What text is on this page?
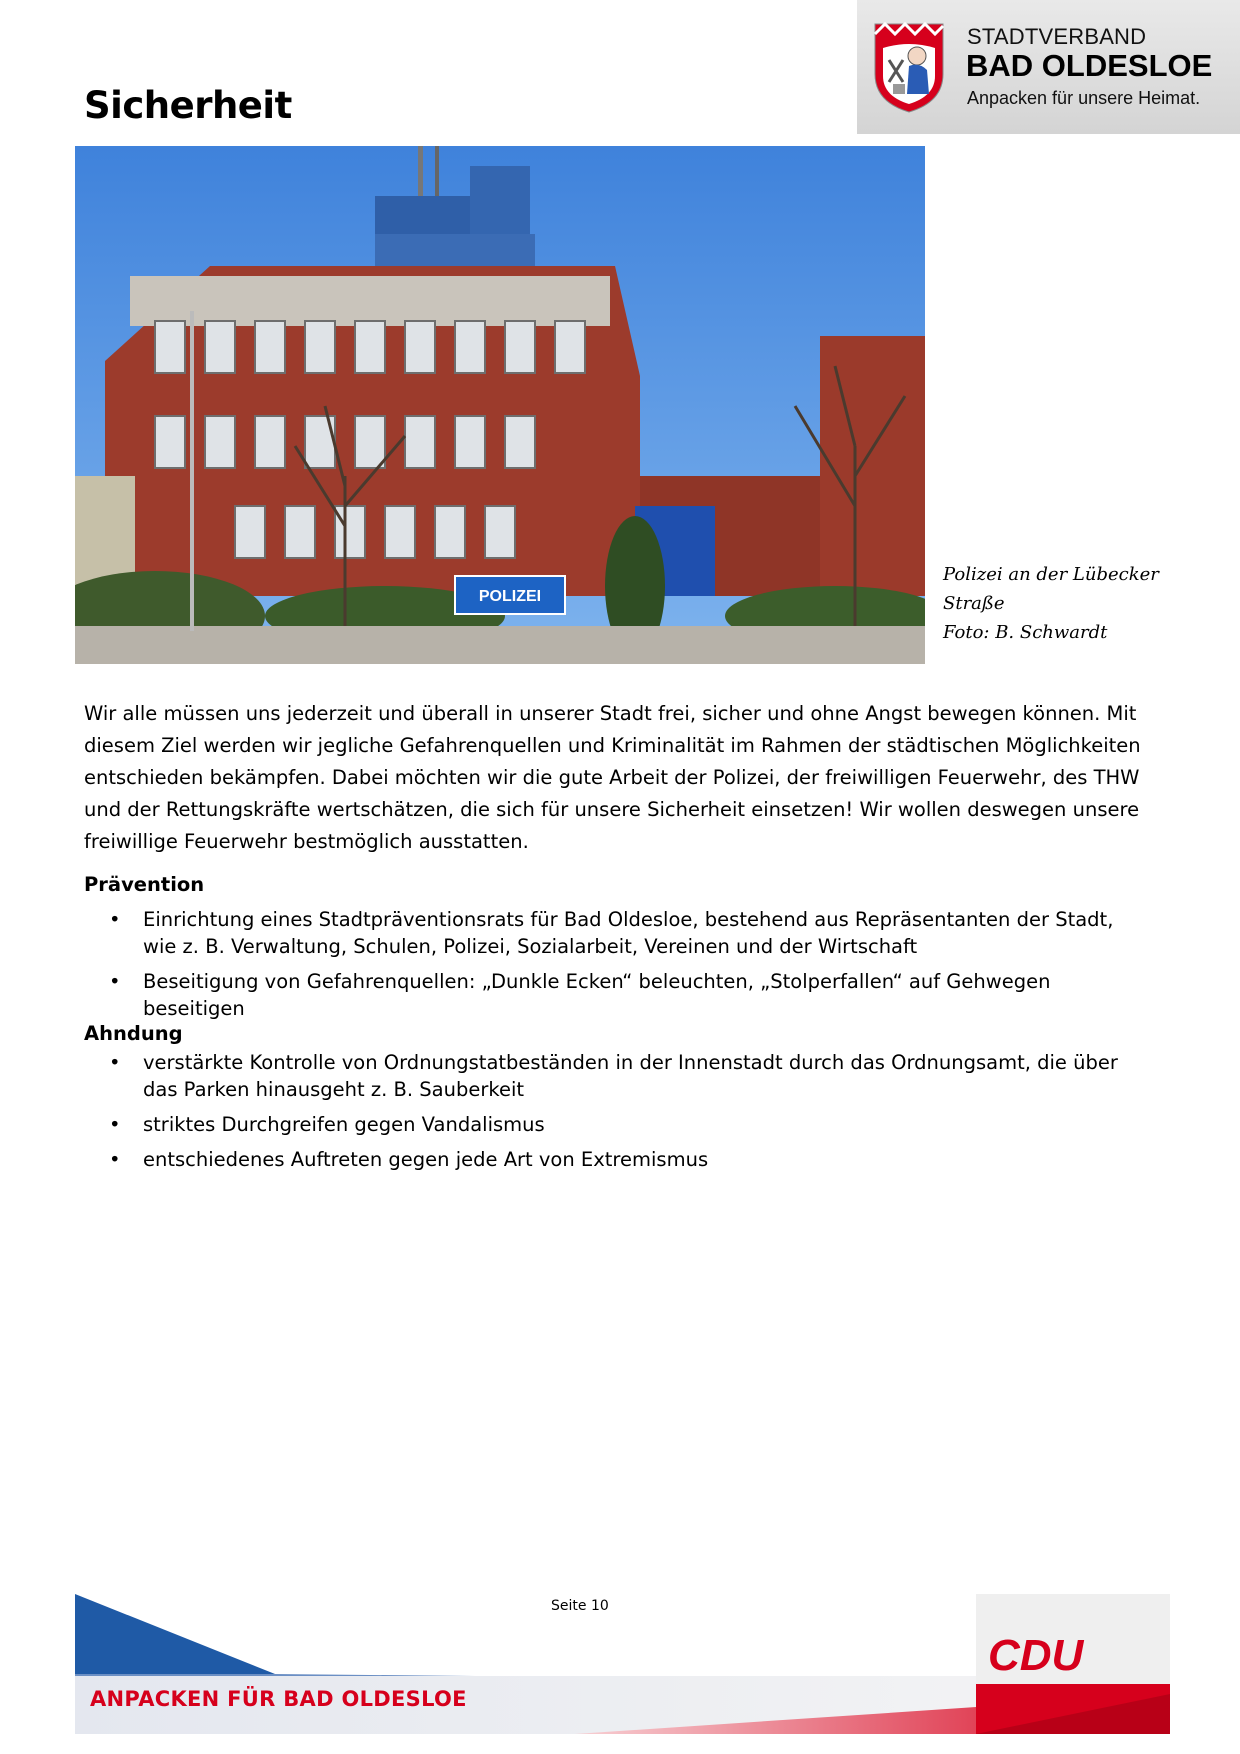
STADTVERBAND
BAD OLDESLOE
Anpacken für unsere Heimat.
Sicherheit
POLIZEI
Polizei an der Lübecker
Straße
Foto: B. Schwardt
Wir alle müssen uns jederzeit und überall in unserer Stadt frei, sicher und ohne Angst bewegen können. Mit diesem Ziel werden wir jegliche Gefahrenquellen und Kriminalität im Rahmen der städtischen Möglichkeiten entschieden bekämpfen. Dabei möchten wir die gute Arbeit der Polizei, der freiwilligen Feuerwehr, des THW und der Rettungskräfte wertschätzen, die sich für unsere Sicherheit einsetzen! Wir wollen deswegen unsere freiwillige Feuerwehr bestmöglich ausstatten.
Prävention
• Einrichtung eines Stadtpräventionsrats für Bad Oldesloe, bestehend aus Repräsentanten der Stadt, wie z. B. Verwaltung, Schulen, Polizei, Sozialarbeit, Vereinen und der Wirtschaft
• Beseitigung von Gefahrenquellen: „Dunkle Ecken“ beleuchten, „Stolperfallen“ auf Gehwegen beseitigen
Ahndung
• verstärkte Kontrolle von Ordnungstatbeständen in der Innenstadt durch das Ordnungsamt, die über das Parken hinausgeht z. B. Sauberkeit
• striktes Durchgreifen gegen Vandalismus
• entschiedenes Auftreten gegen jede Art von Extremismus
Seite 10
ANPACKEN FÜR BAD OLDESLOE
CDU
